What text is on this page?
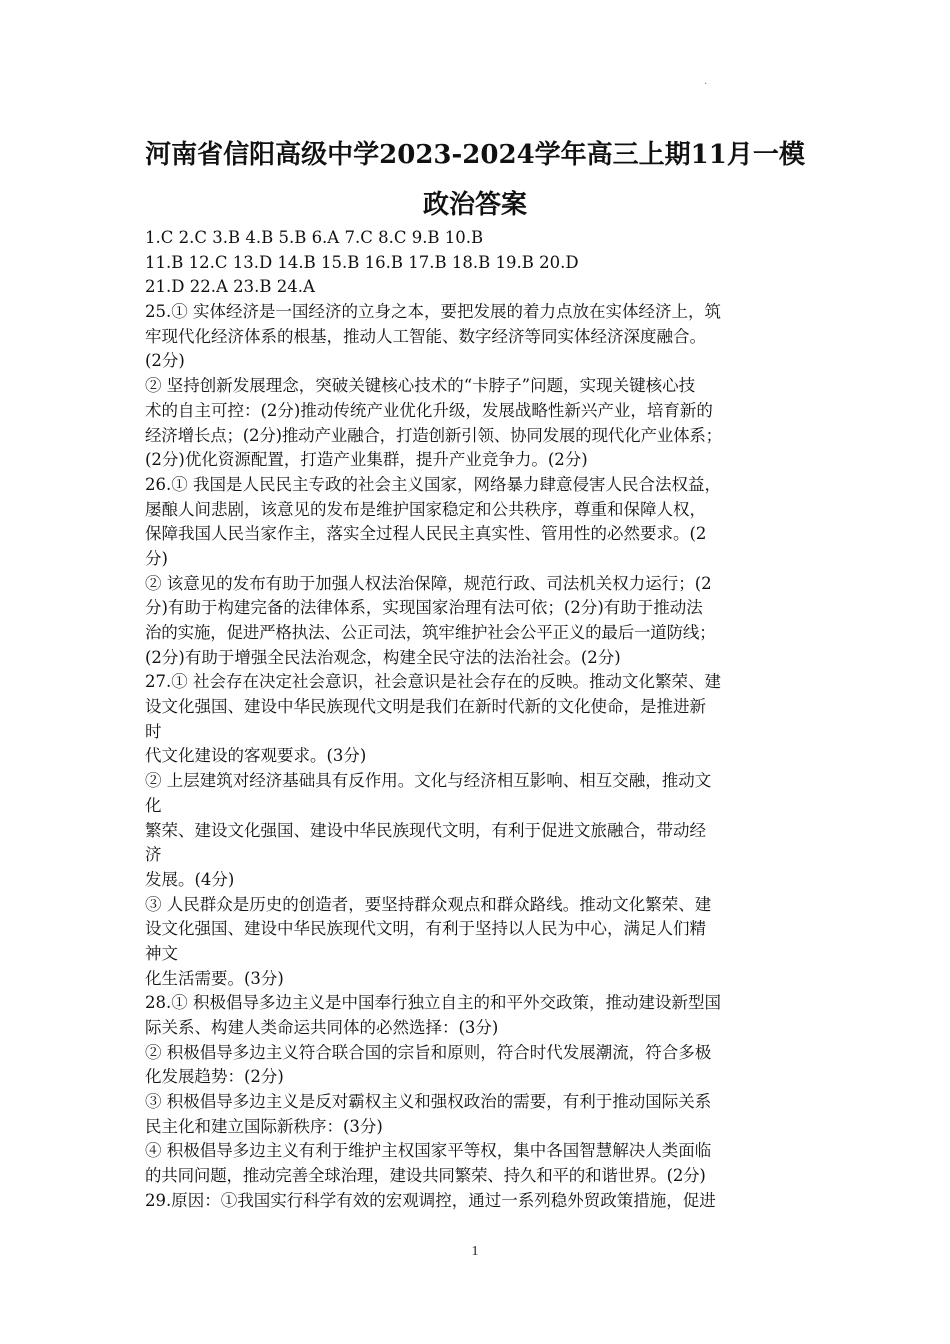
.
河南省信阳高级中学2023-2024学年高三上期11月一模
政治答案
1.C 2.C 3.B 4.B 5.B 6.A 7.C 8.C 9.B 10.B
11.B 12.C 13.D 14.B 15.B 16.B 17.B 18.B 19.B 20.D
21.D 22.A 23.B 24.A
25.① 实体经济是一国经济的立身之本，要把发展的着力点放在实体经济上，筑
牢现代化经济体系的根基，推动人工智能、数字经济等同实体经济深度融合。
(2分)
② 坚持创新发展理念，突破关键核心技术的“卡脖子”问题，实现关键核心技
术的自主可控：(2分)推动传统产业优化升级，发展战略性新兴产业，培育新的
经济增长点；(2分)推动产业融合，打造创新引领、协同发展的现代化产业体系；
(2分)优化资源配置，打造产业集群，提升产业竞争力。(2分)
26.① 我国是人民民主专政的社会主义国家，网络暴力肆意侵害人民合法权益，
屡酿人间悲剧，该意见的发布是维护国家稳定和公共秩序，尊重和保障人权，
保障我国人民当家作主，落实全过程人民民主真实性、管用性的必然要求。(2
分)
② 该意见的发布有助于加强人权法治保障，规范行政、司法机关权力运行；(2
分)有助于构建完备的法律体系，实现国家治理有法可依；(2分)有助于推动法
治的实施，促进严格执法、公正司法，筑牢维护社会公平正义的最后一道防线；
(2分)有助于增强全民法治观念，构建全民守法的法治社会。(2分)
27.① 社会存在决定社会意识，社会意识是社会存在的反映。推动文化繁荣、建
设文化强国、建设中华民族现代文明是我们在新时代新的文化使命，是推进新
时
代文化建设的客观要求。(3分)
② 上层建筑对经济基础具有反作用。文化与经济相互影响、相互交融，推动文
化
繁荣、建设文化强国、建设中华民族现代文明，有利于促进文旅融合，带动经
济
发展。(4分)
③ 人民群众是历史的创造者，要坚持群众观点和群众路线。推动文化繁荣、建
设文化强国、建设中华民族现代文明，有利于坚持以人民为中心，满足人们精
神文
化生活需要。(3分)
28.① 积极倡导多边主义是中国奉行独立自主的和平外交政策，推动建设新型国
际关系、构建人类命运共同体的必然选择：(3分)
② 积极倡导多边主义符合联合国的宗旨和原则，符合时代发展潮流，符合多极
化发展趋势：(2分)
③ 积极倡导多边主义是反对霸权主义和强权政治的需要，有利于推动国际关系
民主化和建立国际新秩序：(3分)
④ 积极倡导多边主义有利于维护主权国家平等权，集中各国智慧解决人类面临
的共同问题，推动完善全球治理，建设共同繁荣、持久和平的和谐世界。(2分)
29.原因：①我国实行科学有效的宏观调控，通过一系列稳外贸政策措施，促进
1
